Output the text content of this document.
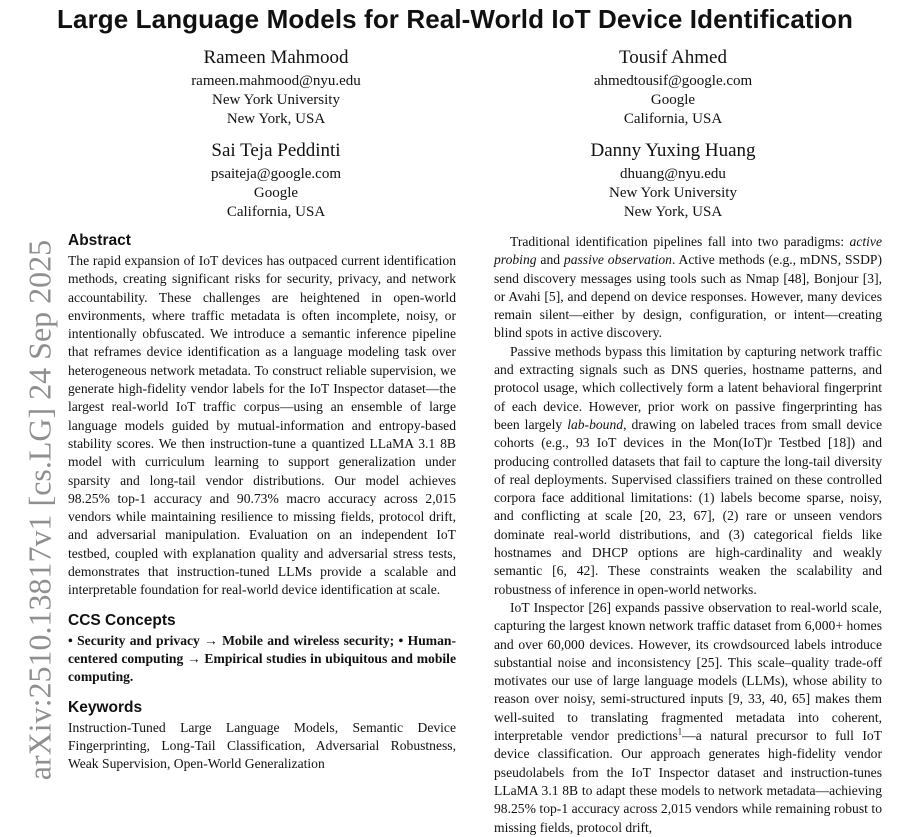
Large Language Models for Real-World IoT Device Identification
Rameen Mahmood
rameen.mahmood@nyu.edu
New York University
New York, USA
Tousif Ahmed
ahmedtousif@google.com
Google
California, USA
Sai Teja Peddinti
psaiteja@google.com
Google
California, USA
Danny Yuxing Huang
dhuang@nyu.edu
New York University
New York, USA
arXiv:2510.13817v1 [cs.LG] 24 Sep 2025 Abstract

The rapid expansion of IoT devices has outpaced current identification methods, creating significant risks for security, privacy, and network accountability. These challenges are heightened in open-world environments, where traffic metadata is often incomplete, noisy, or intentionally obfuscated. We introduce a semantic inference pipeline that reframes device identification as a language modeling task over heterogeneous network metadata. To construct reliable supervision, we generate high-fidelity vendor labels for the IoT Inspector dataset—the largest real-world IoT traffic corpus—using an ensemble of large language models guided by mutual-information and entropy-based stability scores. We then instruction-tune a quantized LLaMA 3.1 8B model with curriculum learning to support generalization under sparsity and long-tail vendor distributions. Our model achieves 98.25% top-1 accuracy and 90.73% macro accuracy across 2,015 vendors while maintaining resilience to missing fields, protocol drift, and adversarial manipulation. Evaluation on an independent IoT testbed, coupled with explanation quality and adversarial stress tests, demonstrates that instruction-tuned LLMs provide a scalable and interpretable foundation for real-world device identification at scale.

CCS Concepts

• Security and privacy → Mobile and wireless security; • Human-centered computing → Empirical studies in ubiquitous and mobile computing.

Keywords

Instruction-Tuned Large Language Models, Semantic Device Fingerprinting, Long-Tail Classification, Adversarial Robustness, Weak Supervision, Open-World Generalization

Traditional identification pipelines fall into two paradigms: active probing and passive observation. Active methods (e.g., mDNS, SSDP) send discovery messages using tools such as Nmap [48], Bonjour [3], or Avahi [5], and depend on device responses. However, many devices remain silent—either by design, configuration, or intent—creating blind spots in active discovery.

Passive methods bypass this limitation by capturing network traffic and extracting signals such as DNS queries, hostname patterns, and protocol usage, which collectively form a latent behavioral fingerprint of each device. However, prior work on passive fingerprinting has been largely lab-bound, drawing on labeled traces from small device cohorts (e.g., 93 IoT devices in the Mon(IoT)r Testbed [18]) and producing controlled datasets that fail to capture the long-tail diversity of real deployments. Supervised classifiers trained on these controlled corpora face additional limitations: (1) labels become sparse, noisy, and conflicting at scale [20, 23, 67], (2) rare or unseen vendors dominate real-world distributions, and (3) categorical fields like hostnames and DHCP options are high-cardinality and weakly semantic [6, 42]. These constraints weaken the scalability and robustness of inference in open-world networks.

IoT Inspector [26] expands passive observation to real-world scale, capturing the largest known network traffic dataset from 6,000+ homes and over 60,000 devices. However, its crowdsourced labels introduce substantial noise and inconsistency [25]. This scale–quality trade-off motivates our use of large language models (LLMs), whose ability to reason over noisy, semi-structured inputs [9, 33, 40, 65] makes them well-suited to translating fragmented metadata into coherent, interpretable vendor predictions$^1$—a natural precursor to full IoT device classification. Our approach generates high-fidelity vendor pseudolabels from the IoT Inspector dataset and instruction-tunes LLaMA 3.1 8B to adapt these models to network metadata—achieving 98.25% top-1 accuracy across 2,015 vendors while remaining robust to missing fields, protocol drift,
